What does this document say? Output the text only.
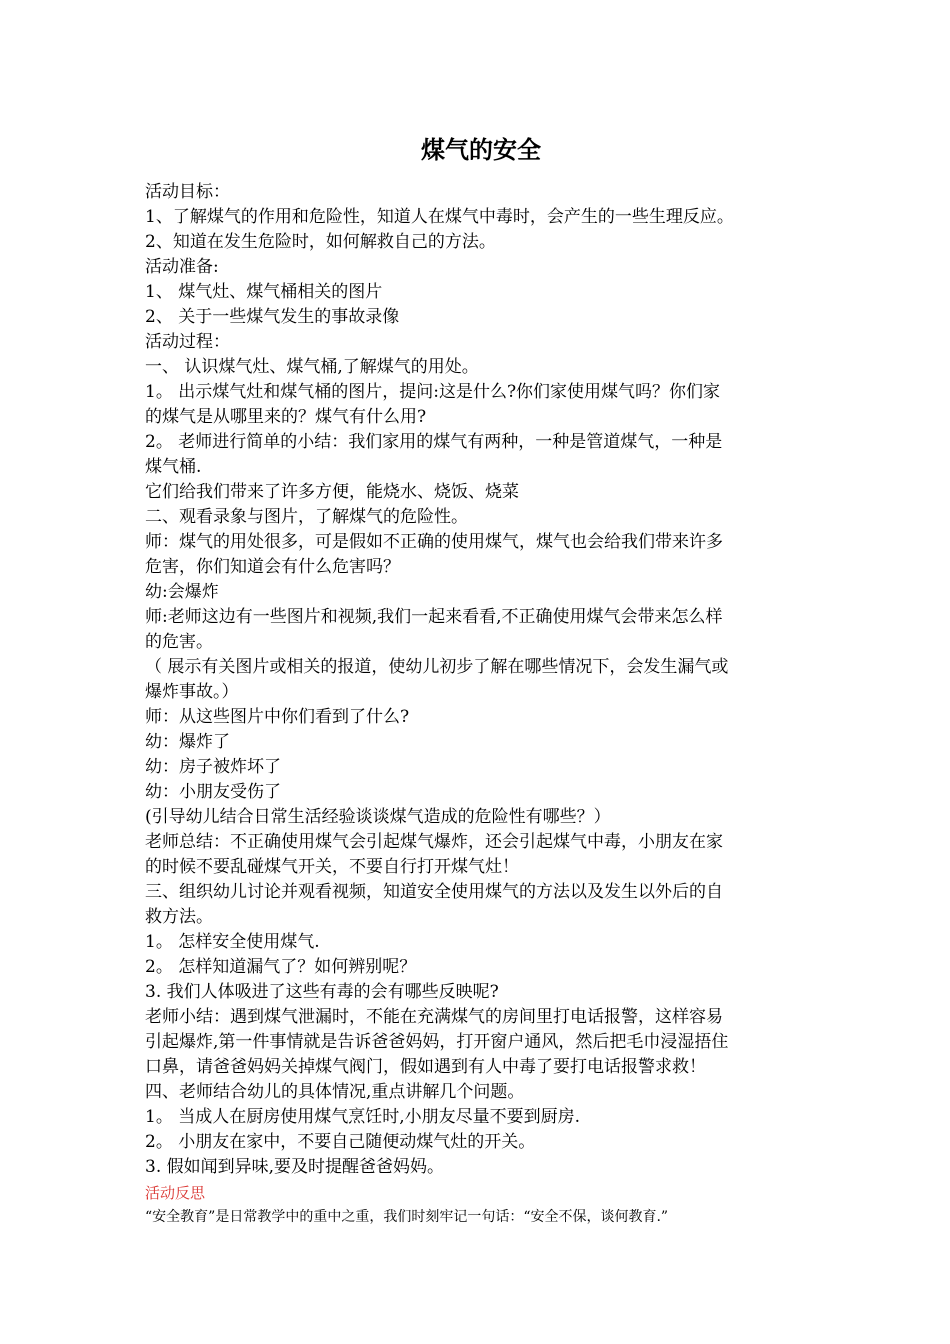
煤气的安全
活动目标：
1、了解煤气的作用和危险性，知道人在煤气中毒时，会产生的一些生理反应。
2、知道在发生危险时，如何解救自己的方法。
活动准备:
1、 煤气灶、煤气桶相关的图片
2、 关于一些煤气发生的事故录像
活动过程：
一、 认识煤气灶、煤气桶,了解煤气的用处。
1。 出示煤气灶和煤气桶的图片，提问:这是什么?你们家使用煤气吗？你们家
的煤气是从哪里来的？煤气有什么用?
2。 老师进行简单的小结：我们家用的煤气有两种，一种是管道煤气，一种是
煤气桶.
它们给我们带来了许多方便，能烧水、烧饭、烧菜
二、观看录象与图片，了解煤气的危险性。
师：煤气的用处很多，可是假如不正确的使用煤气，煤气也会给我们带来许多
危害，你们知道会有什么危害吗？
幼:会爆炸
师:老师这边有一些图片和视频,我们一起来看看,不正确使用煤气会带来怎么样
的危害。
（ 展示有关图片或相关的报道，使幼儿初步了解在哪些情况下，会发生漏气或
爆炸事故。）
师：从这些图片中你们看到了什么?
幼：爆炸了
幼：房子被炸坏了
幼：小朋友受伤了
(引导幼儿结合日常生活经验谈谈煤气造成的危险性有哪些？）
老师总结：不正确使用煤气会引起煤气爆炸，还会引起煤气中毒，小朋友在家
的时候不要乱碰煤气开关，不要自行打开煤气灶！
三、组织幼儿讨论并观看视频，知道安全使用煤气的方法以及发生以外后的自
救方法。
1。 怎样安全使用煤气.
2。 怎样知道漏气了？如何辨别呢？
3. 我们人体吸进了这些有毒的会有哪些反映呢?
老师小结：遇到煤气泄漏时，不能在充满煤气的房间里打电话报警，这样容易
引起爆炸,第一件事情就是告诉爸爸妈妈，打开窗户通风，然后把毛巾浸湿捂住
口鼻，请爸爸妈妈关掉煤气阀门，假如遇到有人中毒了要打电话报警求救！
四、老师结合幼儿的具体情况,重点讲解几个问题。
1。 当成人在厨房使用煤气烹饪时,小朋友尽量不要到厨房.
2。 小朋友在家中，不要自己随便动煤气灶的开关。
3. 假如闻到异味,要及时提醒爸爸妈妈。
活动反思
“安全教育”是日常教学中的重中之重，我们时刻牢记一句话：“安全不保，谈何教育.”
